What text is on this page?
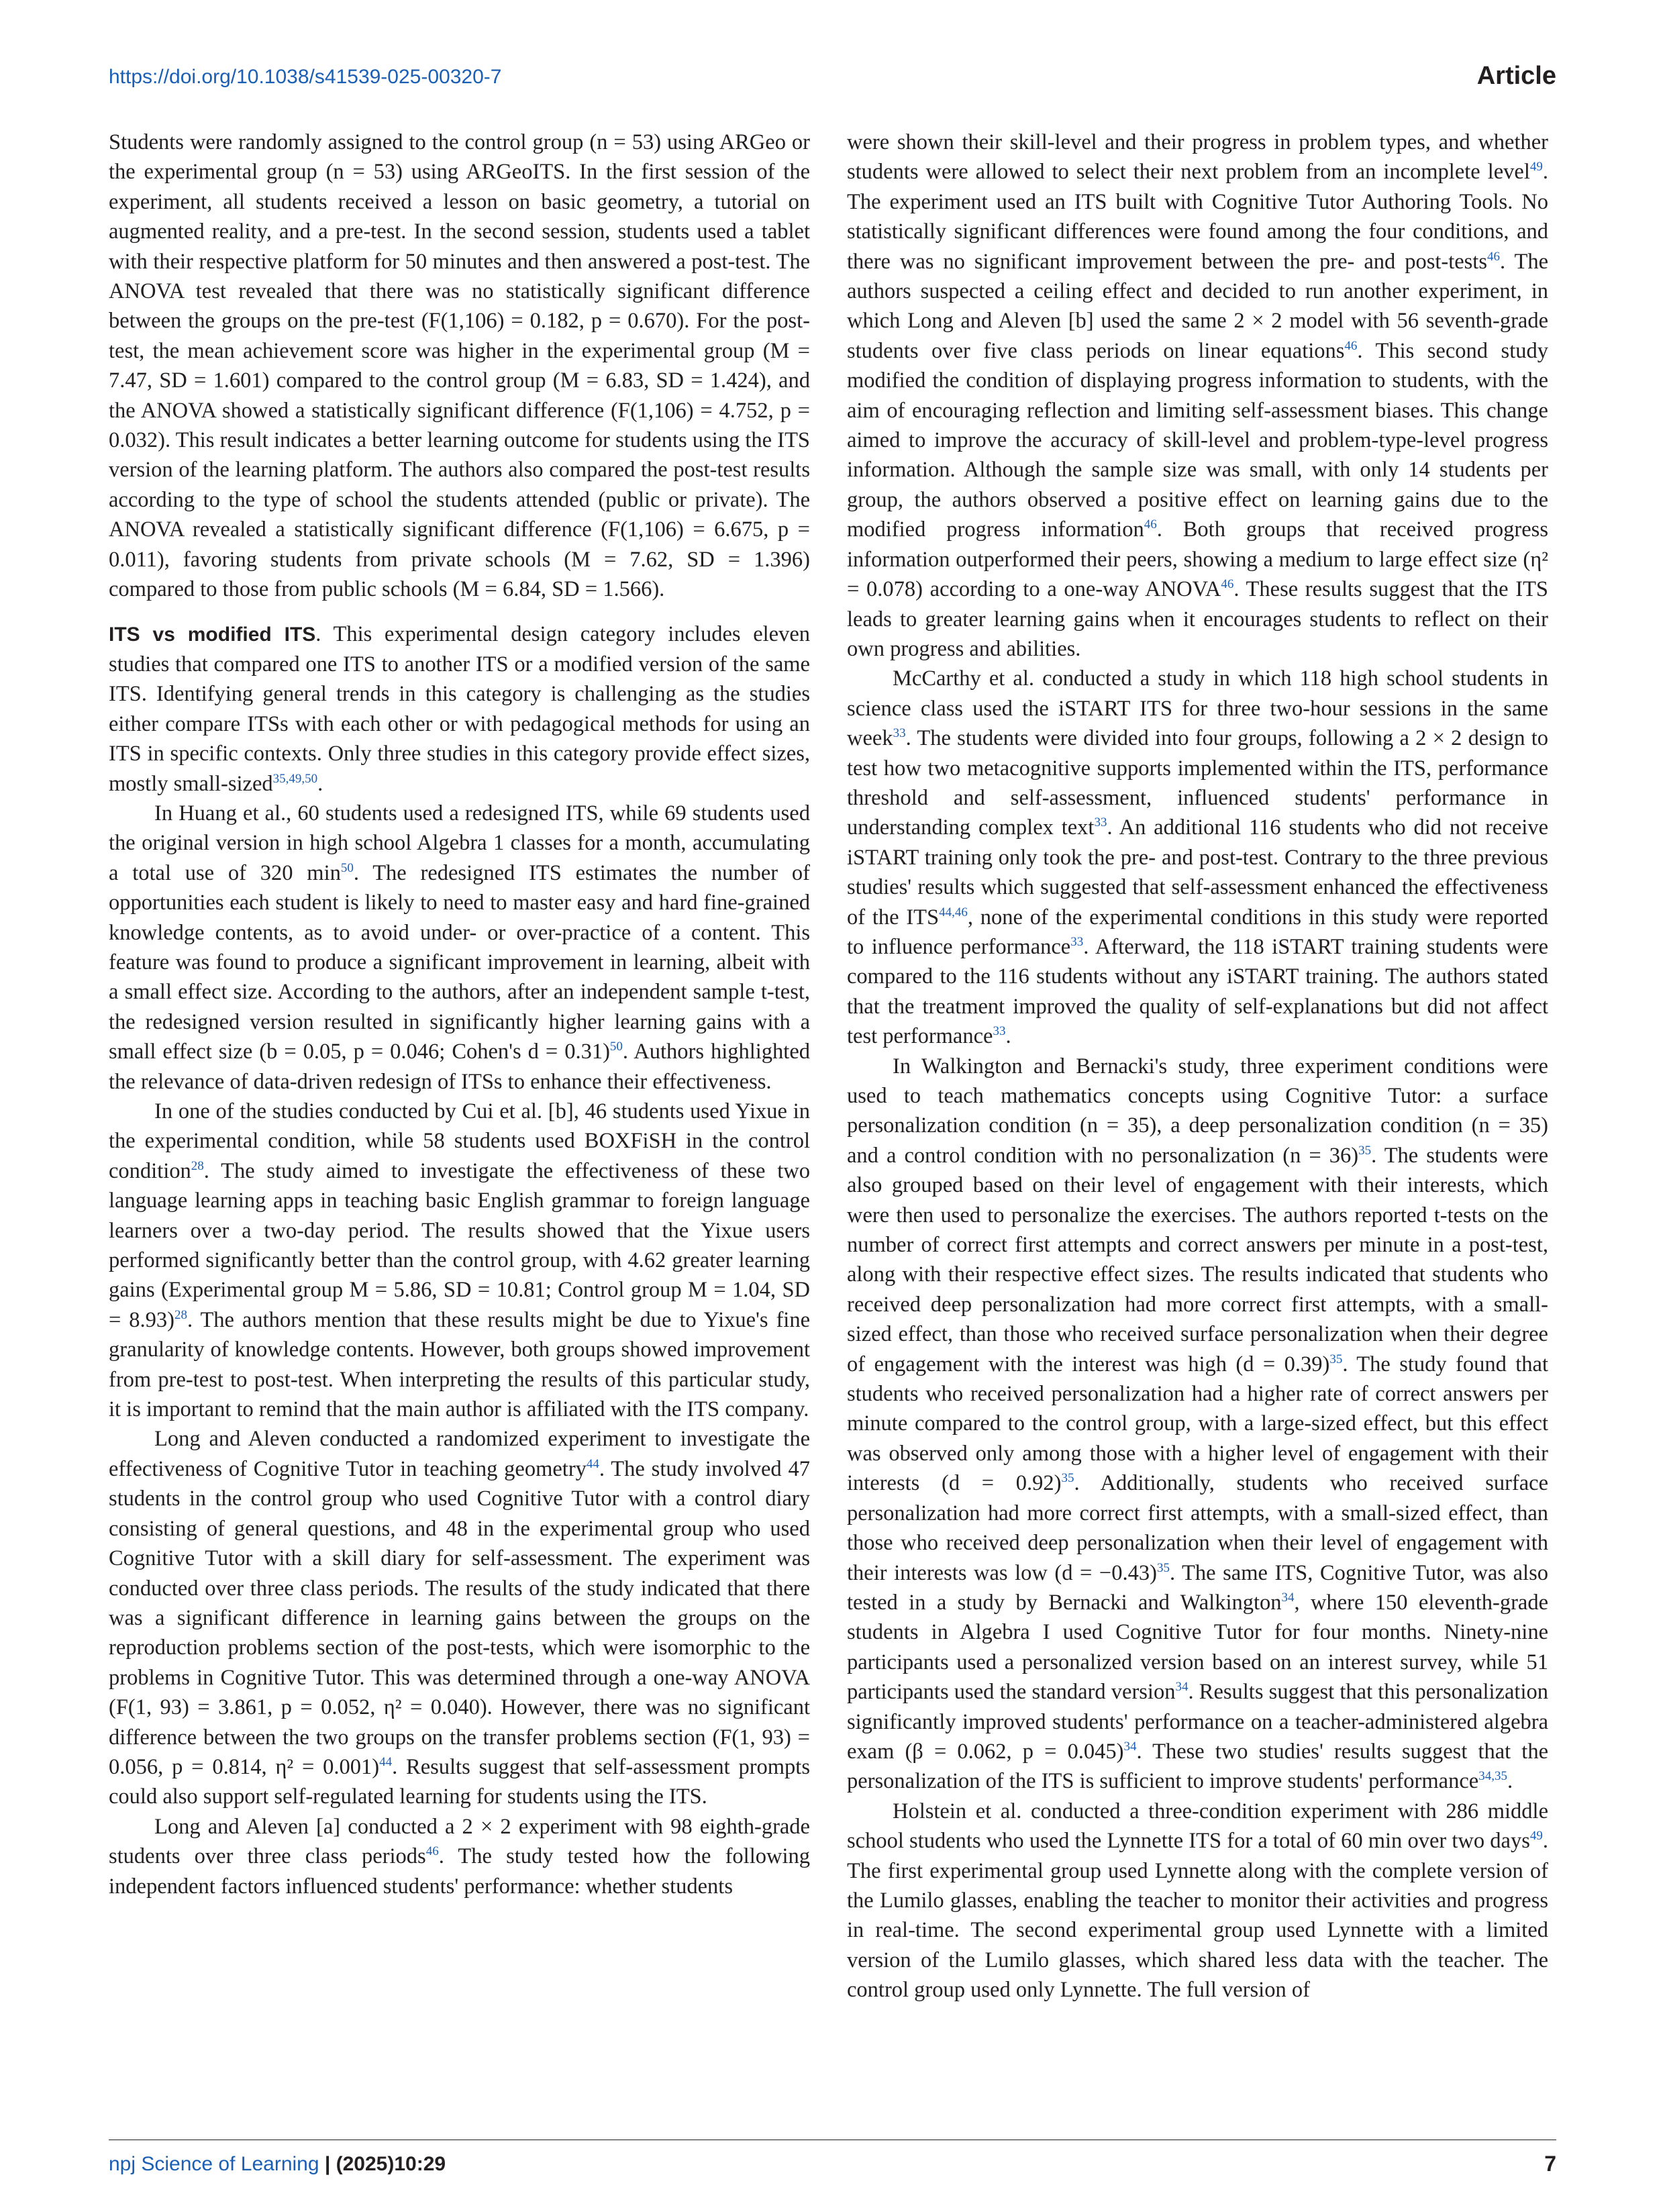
https://doi.org/10.1038/s41539-025-00320-7	Article

Students were randomly assigned to the control group (n = 53) using ARGeo or the experimental group (n = 53) using ARGeoITS. In the first session of the experiment, all students received a lesson on basic geometry, a tutorial on augmented reality, and a pre-test. In the second session, students used a tablet with their respective platform for 50 minutes and then answered a post-test. The ANOVA test revealed that there was no statistically significant difference between the groups on the pre-test (F(1,106) = 0.182, p = 0.670). For the post-test, the mean achievement score was higher in the experimental group (M = 7.47, SD = 1.601) compared to the control group (M = 6.83, SD = 1.424), and the ANOVA showed a statistically significant difference (F(1,106) = 4.752, p = 0.032). This result indicates a better learning outcome for students using the ITS version of the learning platform. The authors also compared the post-test results according to the type of school the students attended (public or private). The ANOVA revealed a statistically significant difference (F(1,106) = 6.675, p = 0.011), favoring students from private schools (M = 7.62, SD = 1.396) compared to those from public schools (M = 6.84, SD = 1.566).

ITS vs modified ITS. This experimental design category includes eleven studies that compared one ITS to another ITS or a modified version of the same ITS. Identifying general trends in this category is challenging as the studies either compare ITSs with each other or with pedagogical methods for using an ITS in specific contexts. Only three studies in this category provide effect sizes, mostly small-sized$^{35,49,50}$.

In Huang et al., 60 students used a redesigned ITS, while 69 students used the original version in high school Algebra 1 classes for a month, accumulating a total use of 320 $\min^{50}$. The redesigned ITS estimates the number of opportunities each student is likely to need to master easy and hard fine-grained knowledge contents, as to avoid under- or over-practice of a content. This feature was found to produce a significant improvement in learning, albeit with a small effect size. According to the authors, after an independent sample t-test, the redesigned version resulted in significantly higher learning gains with a small effect size (b = 0.05, p = 0.046; Cohen's d = 0.31)$^{50}$. Authors highlighted the relevance of data-driven redesign of ITSs to enhance their effectiveness.

In one of the studies conducted by Cui et al. [b], 46 students used Yixue in the experimental condition, while 58 students used BOXFiSH in the control condition$^{28}$. The study aimed to investigate the effectiveness of these two language learning apps in teaching basic English grammar to foreign language learners over a two-day period. The results showed that the Yixue users performed significantly better than the control group, with 4.62 greater learning gains (Experimental group M = 5.86, SD = 10.81; Control group M = 1.04, SD = 8.93)$^{28}$. The authors mention that these results might be due to Yixue's fine granularity of knowledge contents. However, both groups showed improvement from pre-test to post-test. When interpreting the results of this particular study, it is important to remind that the main author is affiliated with the ITS company.

Long and Aleven conducted a randomized experiment to investigate the effectiveness of Cognitive Tutor in teaching geometry$^{44}$. The study involved 47 students in the control group who used Cognitive Tutor with a control diary consisting of general questions, and 48 in the experimental group who used Cognitive Tutor with a skill diary for self-assessment. The experiment was conducted over three class periods. The results of the study indicated that there was a significant difference in learning gains between the groups on the reproduction problems section of the post-tests, which were isomorphic to the problems in Cognitive Tutor. This was determined through a one-way ANOVA (F(1, 93) = 3.861, p = 0.052, η² = 0.040). However, there was no significant difference between the two groups on the transfer problems section (F(1, 93) = 0.056, p = 0.814, η² = 0.001)$^{44}$. Results suggest that self-assessment prompts could also support self-regulated learning for students using the ITS.

Long and Aleven [a] conducted a 2 × 2 experiment with 98 eighth-grade students over three class periods$^{46}$. The study tested how the following independent factors influenced students' performance: whether students

were shown their skill-level and their progress in problem types, and whether students were allowed to select their next problem from an incomplete level$^{49}$. The experiment used an ITS built with Cognitive Tutor Authoring Tools. No statistically significant differences were found among the four conditions, and there was no significant improvement between the pre- and post-tests$^{46}$. The authors suspected a ceiling effect and decided to run another experiment, in which Long and Aleven [b] used the same 2 × 2 model with 56 seventh-grade students over five class periods on linear equations$^{46}$. This second study modified the condition of displaying progress information to students, with the aim of encouraging reflection and limiting self-assessment biases. This change aimed to improve the accuracy of skill-level and problem-type-level progress information. Although the sample size was small, with only 14 students per group, the authors observed a positive effect on learning gains due to the modified progress information$^{46}$. Both groups that received progress information outperformed their peers, showing a medium to large effect size (η² = 0.078) according to a one-way ANOVA$^{46}$. These results suggest that the ITS leads to greater learning gains when it encourages students to reflect on their own progress and abilities.

McCarthy et al. conducted a study in which 118 high school students in science class used the iSTART ITS for three two-hour sessions in the same week$^{33}$. The students were divided into four groups, following a 2 × 2 design to test how two metacognitive supports implemented within the ITS, performance threshold and self-assessment, influenced students' performance in understanding complex text$^{33}$. An additional 116 students who did not receive iSTART training only took the pre- and post-test. Contrary to the three previous studies' results which suggested that self-assessment enhanced the effectiveness of the ITS$^{44,46}$, none of the experimental conditions in this study were reported to influence performance$^{33}$. Afterward, the 118 iSTART training students were compared to the 116 students without any iSTART training. The authors stated that the treatment improved the quality of self-explanations but did not affect test performance$^{33}$.

In Walkington and Bernacki's study, three experiment conditions were used to teach mathematics concepts using Cognitive Tutor: a surface personalization condition (n = 35), a deep personalization condition (n = 35) and a control condition with no personalization (n = 36)$^{35}$. The students were also grouped based on their level of engagement with their interests, which were then used to personalize the exercises. The authors reported t-tests on the number of correct first attempts and correct answers per minute in a post-test, along with their respective effect sizes. The results indicated that students who received deep personalization had more correct first attempts, with a small-sized effect, than those who received surface personalization when their degree of engagement with the interest was high (d = 0.39)$^{35}$. The study found that students who received personalization had a higher rate of correct answers per minute compared to the control group, with a large-sized effect, but this effect was observed only among those with a higher level of engagement with their interests (d = 0.92)$^{35}$. Additionally, students who received surface personalization had more correct first attempts, with a small-sized effect, than those who received deep personalization when their level of engagement with their interests was low (d = −0.43)$^{35}$. The same ITS, Cognitive Tutor, was also tested in a study by Bernacki and Walkington$^{34}$, where 150 eleventh-grade students in Algebra I used Cognitive Tutor for four months. Ninety-nine participants used a personalized version based on an interest survey, while 51 participants used the standard version$^{34}$. Results suggest that this personalization significantly improved students' performance on a teacher-administered algebra exam (β = 0.062, p = 0.045)$^{34}$. These two studies' results suggest that the personalization of the ITS is sufficient to improve students' performance$^{34,35}$.

Holstein et al. conducted a three-condition experiment with 286 middle school students who used the Lynnette ITS for a total of 60 min over two days$^{49}$. The first experimental group used Lynnette along with the complete version of the Lumilo glasses, enabling the teacher to monitor their activities and progress in real-time. The second experimental group used Lynnette with a limited version of the Lumilo glasses, which shared less data with the teacher. The control group used only Lynnette. The full version of

npj Science of Learning | (2025)10:29	7
